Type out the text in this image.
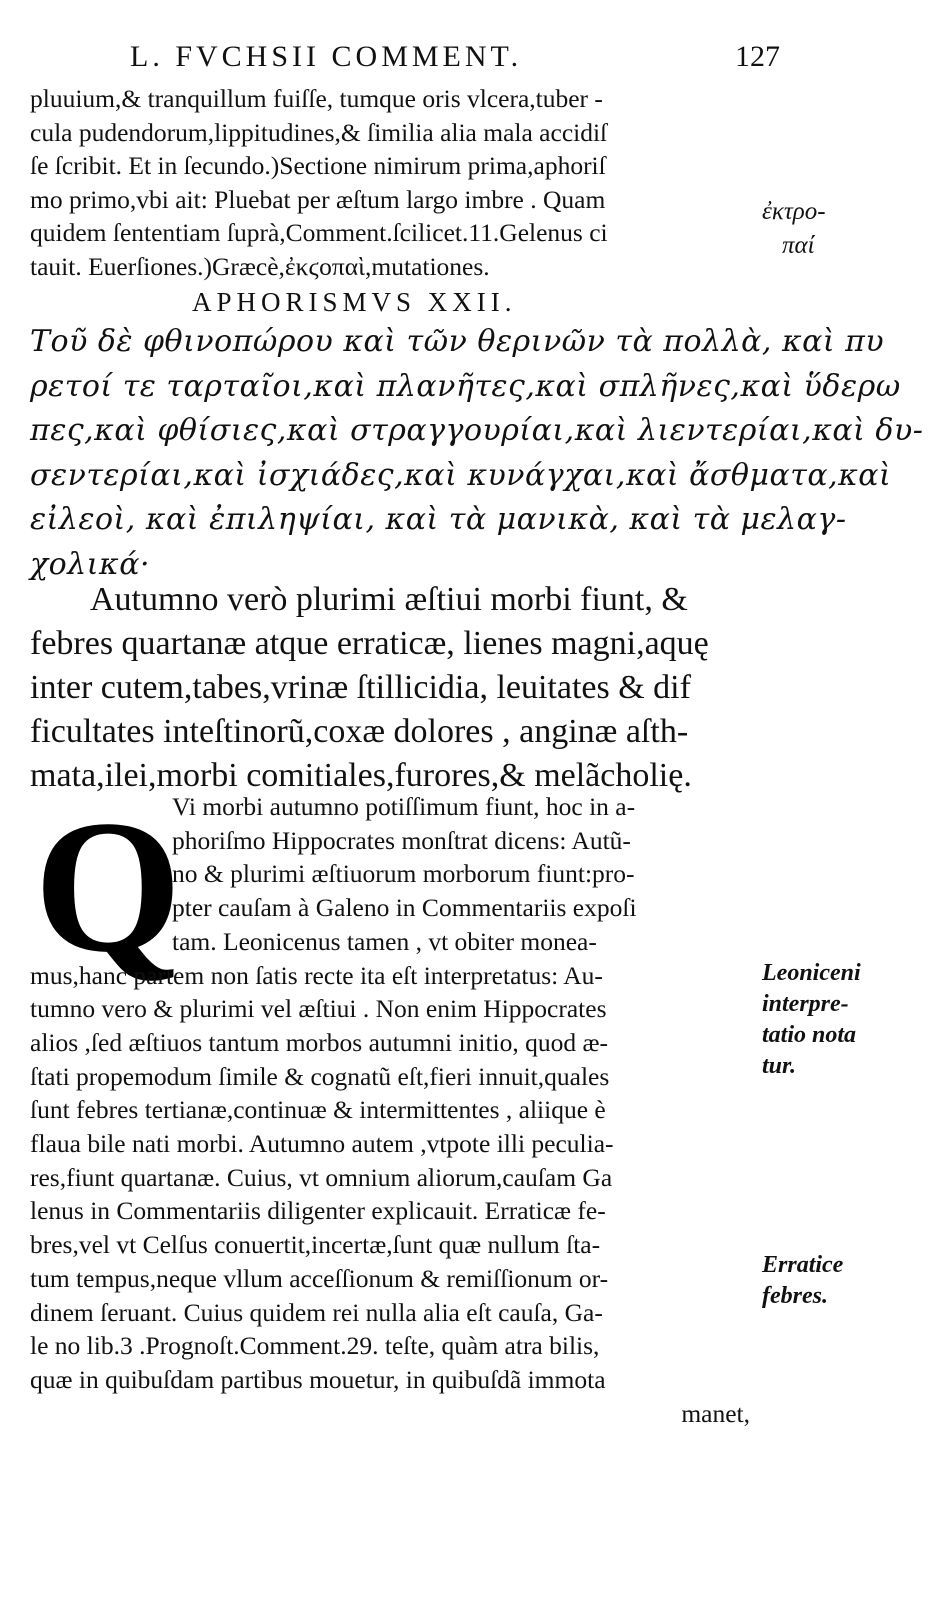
L. FVCHSII COMMENT.	127
pluuium,& tranquillum fuiſſe, tumque oris vlcera,tuber -
cula pudendorum,lippitudines,& ſimilia alia mala accidiſ
ſe ſcribit. Et in ſecundo.)Sectione nimirum prima,aphoriſ
mo primo,vbi ait: Pluebat per æſtum largo imbre . Quam
quidem ſententiam ſuprà,Comment.ſcilicet.11.Gelenus ci
tauit. Euerſiones.)Græcè,ἐκϛοπαὶ,mutationes.
APHORISMVS XXII.
Τοῦ δὲ φθινοπώρου καὶ τῶν θερινῶν τὰ πολλὰ, καὶ πυ
ρετοί τε ταρταῖοι,καὶ πλανῆτες,καὶ σπλῆνες,καὶ ὕδερω
πες,καὶ φθίσιες,καὶ στραγγουρίαι,καὶ λιεντερίαι,καὶ δυ-
σεντερίαι,καὶ ἰσχιάδες,καὶ κυνάγχαι,καὶ ἄσθματα,καὶ
εἰλεοὶ, καὶ ἐπιληψίαι, καὶ τὰ μανικὰ, καὶ τὰ μελαγ-
χολικά·
Autumno verò plurimi æſtiui morbi fiunt, &
febres quartanæ atque erraticæ, lienes magni,aquę
inter cutem,tabes,vrinæ ſtillicidia, leuitates & dif
ficultates inteſtinorũ,coxæ dolores , anginæ aſth-
mata,ilei,morbi comitiales,furores,& melãcholię.
Q
Vi morbi autumno potiſſimum fiunt, hoc in a-
phoriſmo Hippocrates monſtrat dicens: Autũ-
no & plurimi æſtiuorum morborum fiunt:pro-
pter cauſam à Galeno in Commentariis expoſi
tam. Leonicenus tamen , vt obiter monea-
mus,hanc partem non ſatis recte ita eſt interpretatus: Au-
tumno vero & plurimi vel æſtiui . Non enim Hippocrates
alios ,ſed æſtiuos tantum morbos autumni initio, quod æ-
ſtati propemodum ſimile & cognatũ eſt,fieri innuit,quales
ſunt febres tertianæ,continuæ & intermittentes , aliique è
flaua bile nati morbi. Autumno autem ,vtpote illi peculia-
res,fiunt quartanæ. Cuius, vt omnium aliorum,cauſam Ga
lenus in Commentariis diligenter explicauit. Erraticæ fe-
bres,vel vt Celſus conuertit,incertæ,ſunt quæ nullum ſta-
tum tempus,neque vllum acceſſionum & remiſſionum or-
dinem ſeruant. Cuius quidem rei nulla alia eſt cauſa, Ga-
le no lib.3 .Prognoſt.Comment.29. teſte, quàm atra bilis,
quæ in quibuſdam partibus mouetur, in quibuſdã immota
manet,
ἐκτρο-
παί
Leoniceni
interpre-
tatio nota
tur.
Erratice
febres.
